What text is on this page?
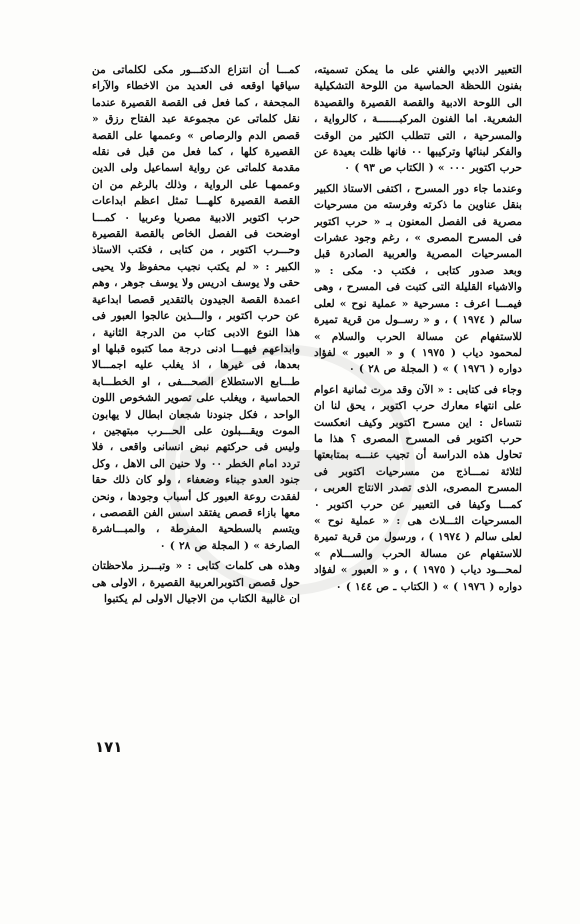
التعبير الادبي والفني على ما يمكن تسميته، بفنون اللحظة الحماسية من اللوحة التشكيلية الى اللوحة الادبية والقصة القصيرة والقصيدة الشعرية. اما الفنون المركبـــــــة ، كالرواية ، والمسرحية ، التى تتطلب الكثير من الوقت والفكر لبنائها وتركيبها ٠٠ فانها ظلت بعيدة عن حرب اكتوبر ٠٠٠ » ( الكتاب ص ٩٣ ) ٠

وعندما جاء دور المسرح ، اكتفى الاستاذ الكبير بنقل عناوين ما ذكرته وفرسته من مسرحيات مصرية فى الفصل المعنون بـ « حرب اكتوبر فى المسرح المصرى » ، رغم وجود عشرات المسرحيات المصرية والعربية الصادرة قبل وبعد صدور كتابى ، فكتب د٠ مكى : « والاشياء القليلة التى كتبت فى المسرح ، وهى فيمـــا اعرف : مسرحية « عملية نوح » لعلى سالم ( ١٩٧٤ ) ، و « رســول من قرية تميرة للاستفهام عن مسالة الحرب والسلام » لمحمود دياب ( ١٩٧٥ ) و « العبور » لفؤاد دواره ( ١٩٧٦ ) » ( المجلة ص ٢٨ ) ٠

وجاء فى كتابى : « الآن وقد مرت ثمانية اعوام على انتهاء معارك حرب اكتوبر ، يحق لنا ان نتساءل : اين مسرح اكتوبر وكيف انعكست حرب اكتوبر فى المسرح المصرى ؟ هذا ما تحاول هذه الدراسة أن تجيب عنـــه بمتابعتها لثلاثة نمـــاذج من مسرحيات اكتوبر فى المسرح المصرى، الذى تصدر الانتاج العربى ، كمـــا وكيفا فى التعبير عن حرب اكتوبر ٠ المسرحيات الثـــلاث هى : « عملية نوح » لعلى سالم ( ١٩٧٤ ) ، ورسول من قرية تميرة للاستفهام عن مسالة الحرب والســـلام » لمحـــود دياب ( ١٩٧٥ ) ، و « العبور » لفؤاد دواره ( ١٩٧٦ ) » ( الكتاب ـ ص ١٤٤ ) ٠

كمـــا أن انتزاع الدكتـــور مكى لكلماتى من سياقها اوقعه فى العديد من الاخطاء والآراء المجحفة ، كما فعل فى القصة القصيرة عندما نقل كلماتى عن مجموعة عبد الفتاح رزق « قصص الدم والرصاص » وعممها على القصة القصيرة كلها ، كما فعل من قبل فى نقله مقدمة كلماتى عن رواية اسماعيل ولى الدين وعممهـا على الرواية ، وذلك بالرغم من ان القصة القصيرة كلهـــا تمثل اعظم ابداعات حرب اكتوبر الادبية مصريا وعربيا ٠ كمـــا اوضحت فى الفصل الخاص بالقصة القصيرة وحـــرب اكتوبر ، من كتابى ، فكتب الاستاذ الكبير : « لم يكتب نجيب محفوظ ولا يحيى حقى ولا يوسف ادريس ولا يوسف جوهر ، وهم اعمدة القصة الجيدون بالتقدير قصصا ابداعية عن حرب اكتوبر ، والـــذين عالجوا العبور فى هذا النوع الادبى كتاب من الدرجة الثانية ، وابداعهم فيهـــا ادنى درجة مما كتبوه قبلها او بعدها، فى غيرها ، اذ يغلب عليه اجمـــالا طـــابع الاستطلاع الصحـــفى ، او الخطـــابة الحماسية ، ويغلب على تصوير الشخوص اللون الواحد ، فكل جنودنا شجعان ابطال لا يهابون الموت ويقـــبلون على الحـــرب مبتهجين ، وليس فى حركتهم نبض انسانى واقعى ، فلا تردد امام الخطر ٠٠ ولا حنين الى الاهل ، وكل جنود العدو جبناء وضعفاء ، ولو كان ذلك حقا لفقدت روعة العبور كل أسباب وجودها ، ونحن معها بازاء قصص يفتقد اسس الفن القصصى ، ويتسم بالسطحية المفرطة ، والمبـــاشرة الصارخة » ( المجلة ص ٢٨ ) ٠

وهذه هى كلمات كتابى : « وتبـــرز ملاحظتان حول قصص اكتوبرالعربية القصيرة ، الاولى هى ان غالبية الكتاب من الاجيال الاولى لم يكتبوا

١٧١
